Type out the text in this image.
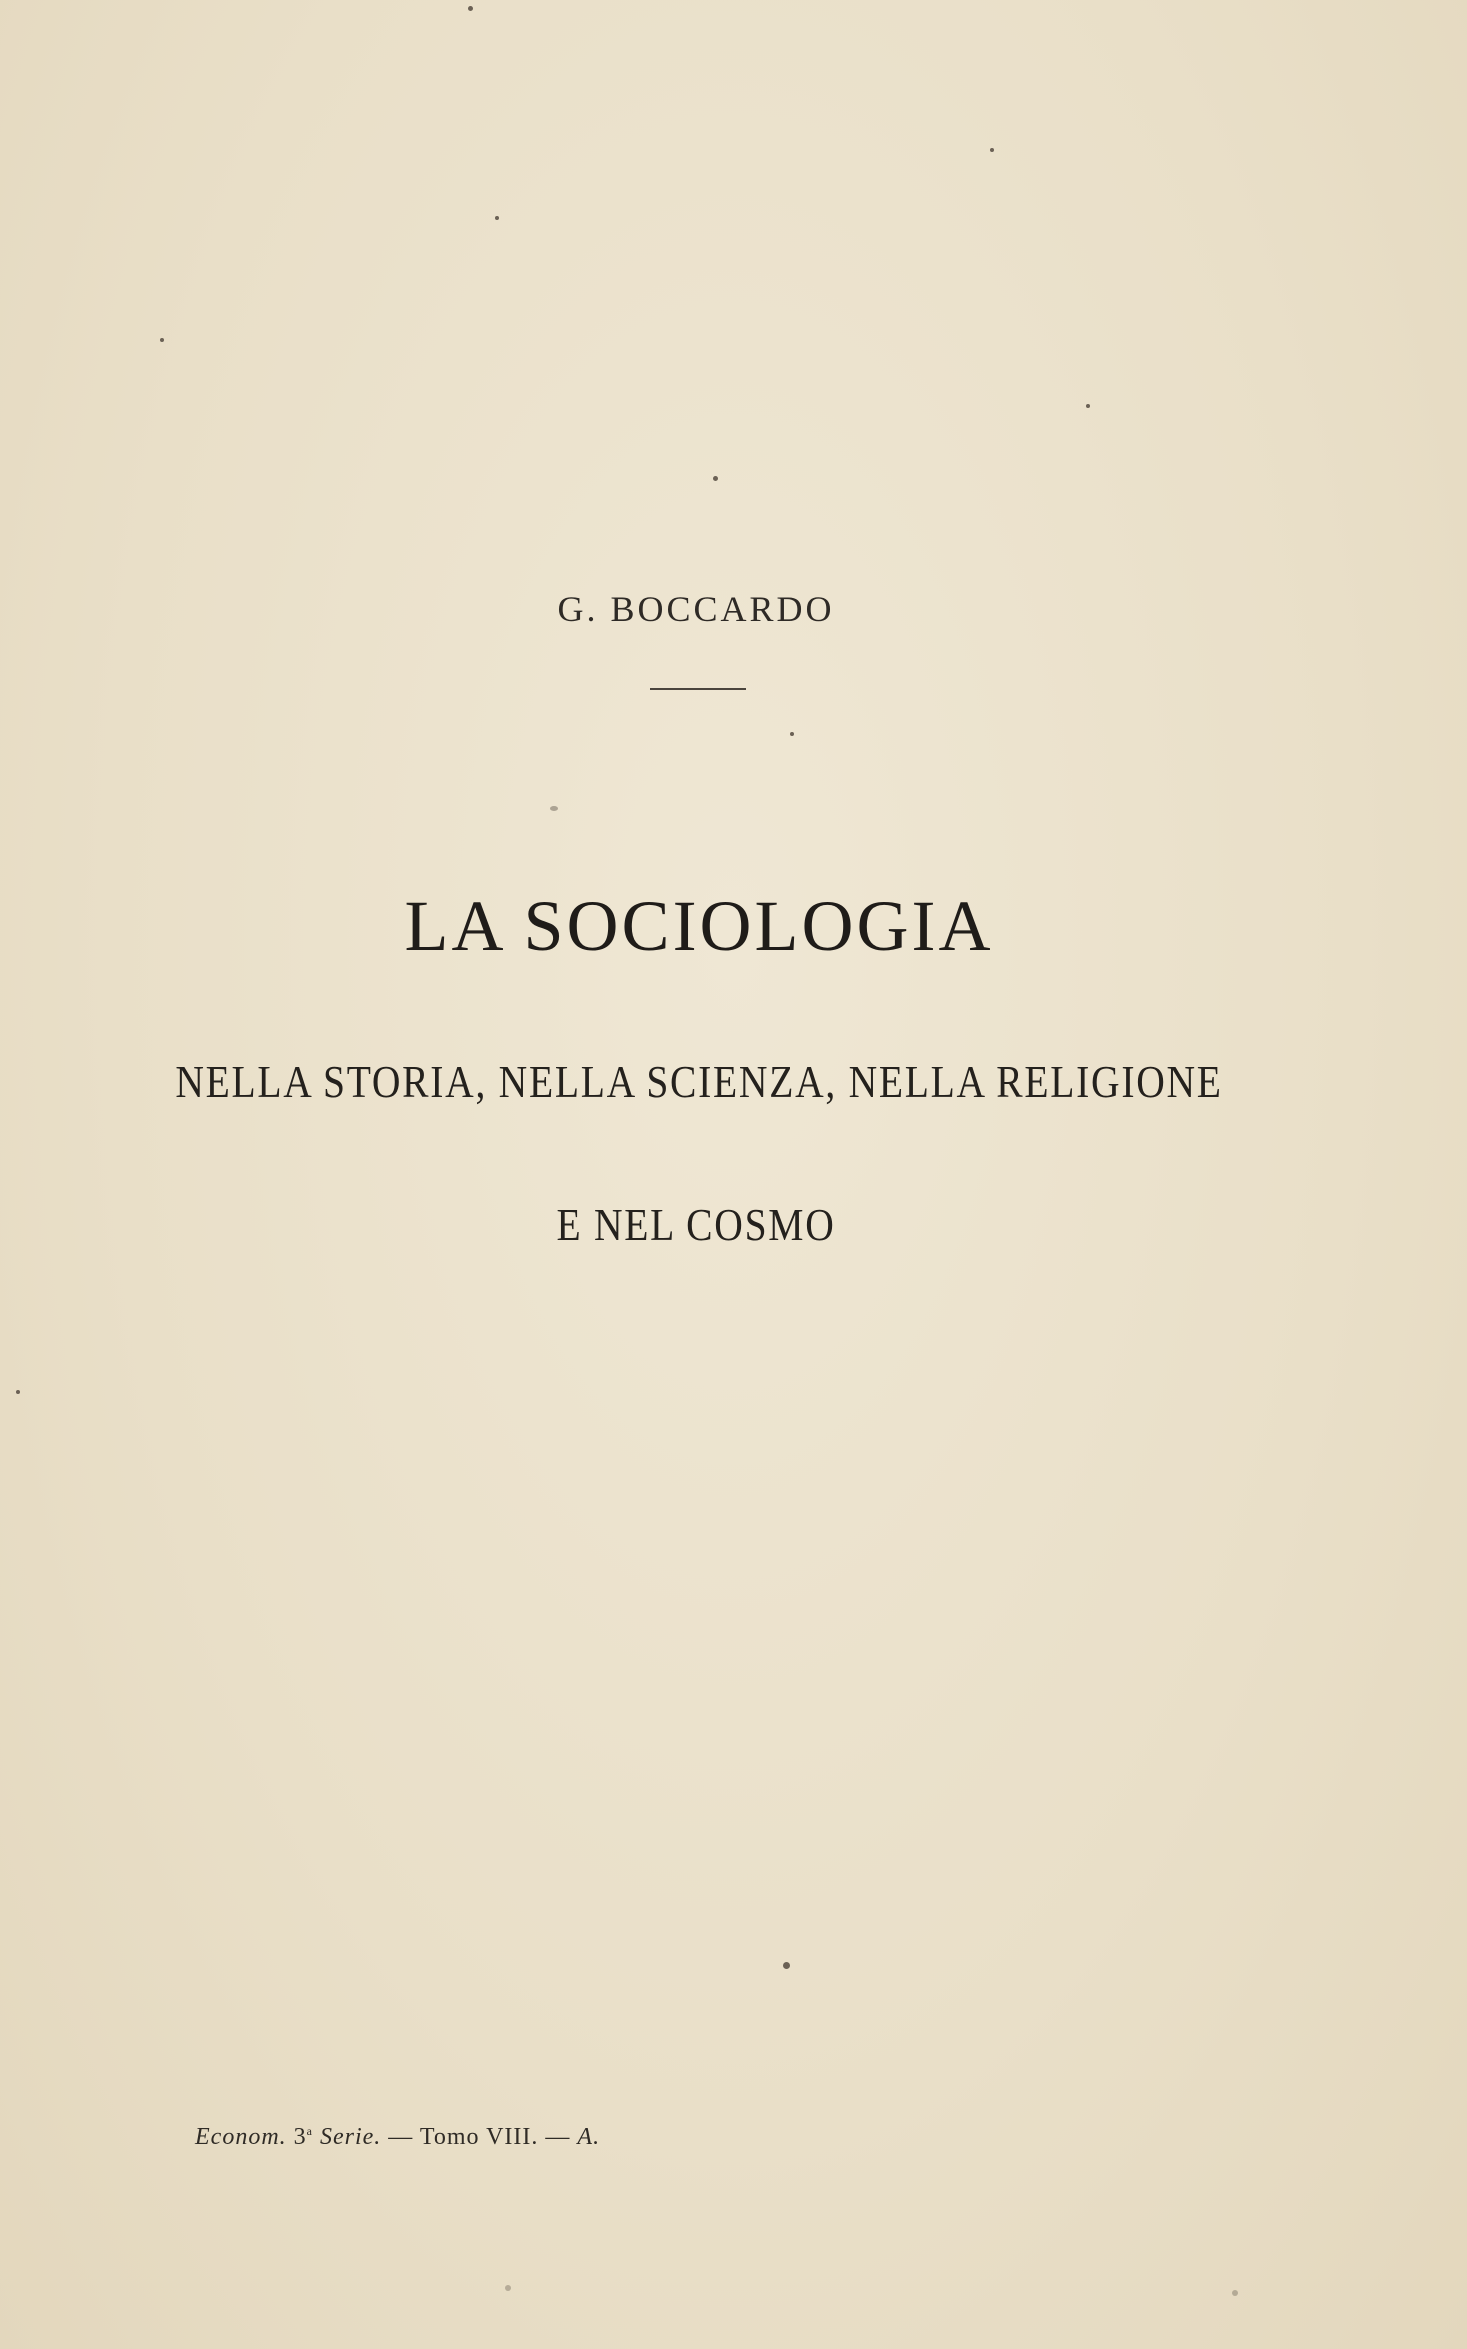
G. BOCCARDO
LA SOCIOLOGIA
NELLA STORIA, NELLA SCIENZA, NELLA RELIGIONE
E NEL COSMO
Econom. 3$^a$ Serie. — Tomo VIII. — A.
